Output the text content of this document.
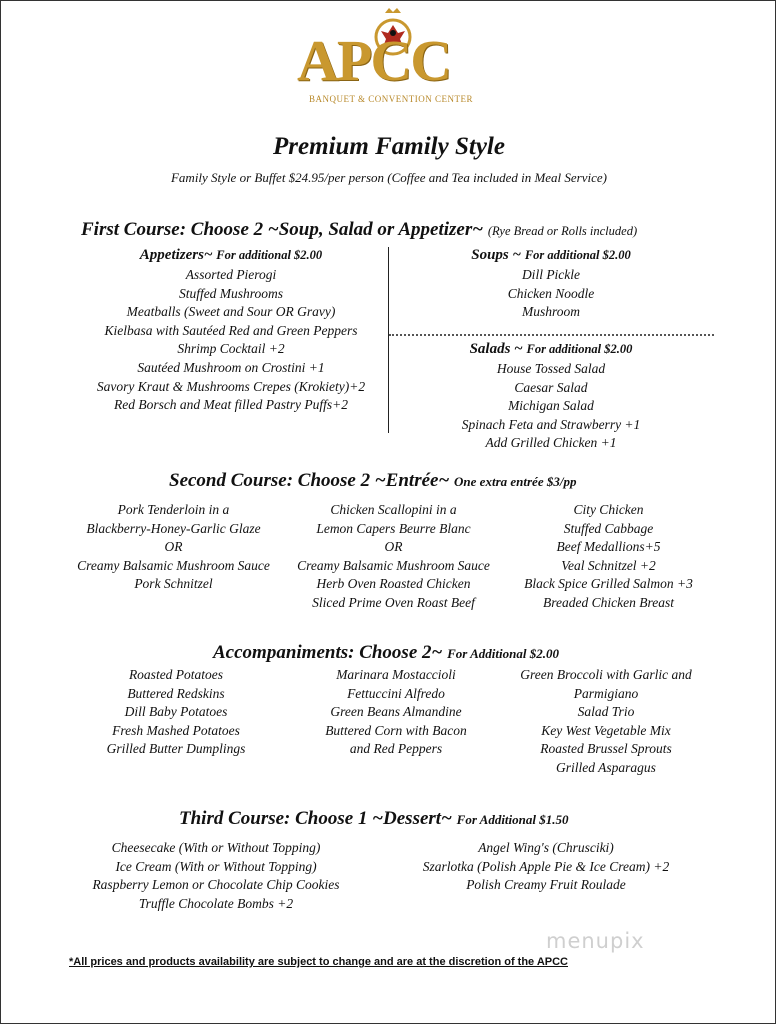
APCC
BANQUET & CONVENTION CENTER
Premium Family Style
Family Style or Buffet $24.95/per person (Coffee and Tea included in Meal Service)
First Course: Choose 2 ~Soup, Salad or Appetizer~ (Rye Bread or Rolls included)
Appetizers~ For additional $2.00
Assorted Pierogi
Stuffed Mushrooms
Meatballs (Sweet and Sour OR Gravy)
Kielbasa with Sautéed Red and Green Peppers
Shrimp Cocktail +2
Sautéed Mushroom on Crostini +1
Savory Kraut & Mushrooms Crepes (Krokiety)+2
Red Borsch and Meat filled Pastry Puffs+2
Soups ~ For additional $2.00
Dill Pickle
Chicken Noodle
Mushroom
Salads ~ For additional $2.00
House Tossed Salad
Caesar Salad
Michigan Salad
Spinach Feta and Strawberry +1
Add Grilled Chicken +1
Second Course: Choose 2 ~Entrée~ One extra entrée $3/pp
Pork Tenderloin in a
Blackberry-Honey-Garlic Glaze
OR
Creamy Balsamic Mushroom Sauce
Pork Schnitzel
Chicken Scallopini in a
Lemon Capers Beurre Blanc
OR
Creamy Balsamic Mushroom Sauce
Herb Oven Roasted Chicken
Sliced Prime Oven Roast Beef
City Chicken
Stuffed Cabbage
Beef Medallions+5
Veal Schnitzel +2
Black Spice Grilled Salmon +3
Breaded Chicken Breast
Accompaniments: Choose 2~ For Additional $2.00
Roasted Potatoes
Buttered Redskins
Dill Baby Potatoes
Fresh Mashed Potatoes
Grilled Butter Dumplings
Marinara Mostaccioli
Fettuccini Alfredo
Green Beans Almandine
Buttered Corn with Bacon
and Red Peppers
Green Broccoli with Garlic and
Parmigiano
Salad Trio
Key West Vegetable Mix
Roasted Brussel Sprouts
Grilled Asparagus
Third Course: Choose 1 ~Dessert~ For Additional $1.50
Cheesecake (With or Without Topping)
Ice Cream (With or Without Topping)
Raspberry Lemon or Chocolate Chip Cookies
Truffle Chocolate Bombs +2
Angel Wing's (Chrusciki)
Szarlotka (Polish Apple Pie & Ice Cream) +2
Polish Creamy Fruit Roulade
menupix
*All prices and products availability are subject to change and are at the discretion of the APCC
